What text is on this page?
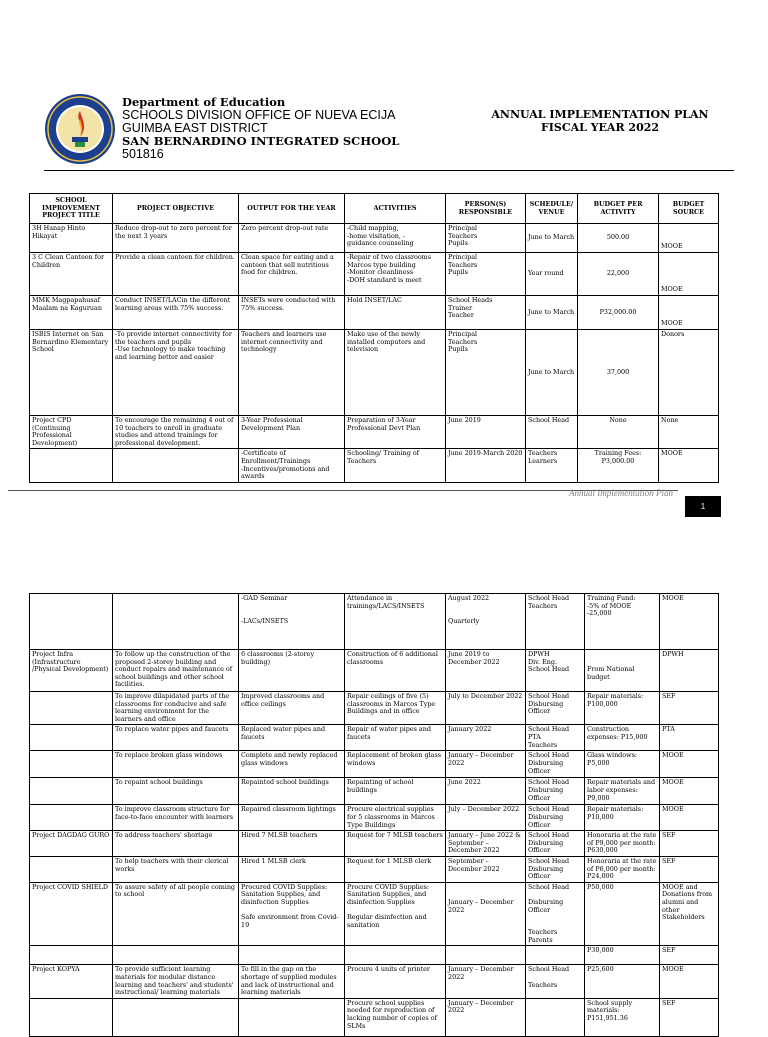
Department of Education
SCHOOLS DIVISION OFFICE OF NUEVA ECIJA
GUIMBA EAST DISTRICT
SAN BERNARDINO INTEGRATED SCHOOL
501816
ANNUAL IMPLEMENTATION PLAN
FISCAL YEAR 2022
SCHOOL IMPROVEMENT PROJECT TITLE	PROJECT OBJECTIVE	OUTPUT FOR THE YEAR	ACTIVITIES	PERSON(S) RESPONSIBLE	SCHEDULE/ VENUE	BUDGET PER ACTIVITY	BUDGET SOURCE
3H Hanap Hinto Hikayat	Reduce drop-out to zero percent for the next 3 years	Zero percent drop-out rate	-Child mapping,
-home visitation, -
guidance counseling	Principal
Teachers
Pupils	June to March	500.00	MOOE
3 C Clean Canteen for Children	Provide a clean canteen for children.	Clean space for eating and a canteen that sell nutritious food for children.	-Repair of two classrooms Marcos type building
-Monitor cleanliness
-DOH standard is meet	Principal
Teachers
Pupils	Year round	22,000	MOOE
MMK Magpapahusaf Maalam na Kaguruan	Conduct INSET/LACin the different learning areas with 75% success.	INSETs were conducted with 75% success.	Hold INSET/LAC	School Heads
Trainer
Teacher	June to March	P32,000.00	MOOE
ISBIS Internet on San Bernardino Elementary School	-To provide internet connectivity for the teachers and pupils
-Use technology to make teaching and learning better and easier	Teachers and learners use internet connectivity and technology	Make use of the newly installed computers and television	Principal
Teachers
Pupils	June to March	37,000	Donors
Project CPD (Continuing Professional Development)	To encourage the remaining 4 out of 10 teachers to enroll in graduate studies and attend trainings for professional development.	3-Year Professional Development Plan	Preparation of 3-Year Professional Devt Plan	June 2019	School Head	None	None
		-Certificate of Enrollment/Trainings
-Incentives/promotions and awards	Schooling/ Training of Teachers	June 2019-March 2020	Teachers
Learners	Training Fees: P3,000.00	MOOE
Annual Implementation Plan
1
		-GAD Seminar

-LACs/INSETS	Attendance in trainings/LACS/INSETS	August 2022

Quarterly	School Head
Teachers	Training Fund:
-5% of MOOE
-25,000	MOOE
Project Infra (Infrastructure /Physical Development)	To follow up the construction of the proposed 2-storey building and conduct repairs and maintenance of school buildings and other school facilities.	6 classrooms (2-storey building)	Construction of 6 additional classrooms	June 2019 to December 2022	DPWH
Div. Eng.
School Head	

From National budget	DPWH
	To improve dilapidated parts of the classrooms for conducive and safe learning environment for the learners and office	Improved classrooms and office ceilings	Repair ceilings of five (5) classrooms in Marcos Type Buildings and in office	July to December 2022	School Head
Disbursing Officer	Repair materials: P100,000	SEF
	To replace water pipes and faucets	Replaced water pipes and faucets	Repair of water pipes and faucets	January 2022	School Head
PTA
Teachers	Construction expenses: P15,000	PTA
	To replace broken glass windows	Complete and newly replaced glass windows	Replacement of broken glass windows	January – December 2022	School Head
Disbursing Officer	Glass windows:
P5,000	MOOE
	To repaint school buildings	Repainted school buildings	Repainting of school buildings	June 2022	School Head
Disbursing Officer	Repair materials and labor expenses: P9,000	MOOE
	To improve classroom structure for face-to-face encounter with learners	Repaired classroom lightings	Procure electrical supplies for 5 classrooms in Marcos Type Buildings	July – December 2022	School Head
Disbursing Officer	Repair materials:
P10,000	MOOE
Project DAGDAG GURO	To address teachers' shortage	Hired 7 MLSB teachers	Request for 7 MLSB teachers	January – June 2022 & September – December 2022	School Head
Disbursing Officer	Honoraria at the rate of P9,000 per month: P630,000	SEF
	To help teachers with their clerical works	Hired 1 MLSB clerk	Request for 1 MLSB clerk	September – December 2022	School Head
Disbursing Officer	Honoraria at the rate of P6,000 per month: P24,000	SEF
Project COVID SHIELD	To assure safety of all people coming to school	Procured COVID Supplies: Sanitation Supplies, and disinfection Supplies

Safe environment from Covid-19	Procure COVID Supplies: Sanitation Supplies, and disinfection Supplies

Regular disinfection and sanitation	

January – December 2022	School Head

Disbursing Officer

Teachers
Parents	P50,000	MOOE and Donations from alumni and other Stakeholders
						P30,000	SEF
Project KOPYA	To provide sufficient learning materials for modular distance learning and teachers' and students' instructional/ learning materials	To fill in the gap on the shortage of supplied modules and lack of instructional and learning materials	Procure 4 units of printer	January – December 2022	School Head

Teachers	P25,600	MOOE
			Procure school supplies needed for reproduction of lacking number of copies of SLMs	January – December 2022		School supply materials: P151,951.36	SEF
